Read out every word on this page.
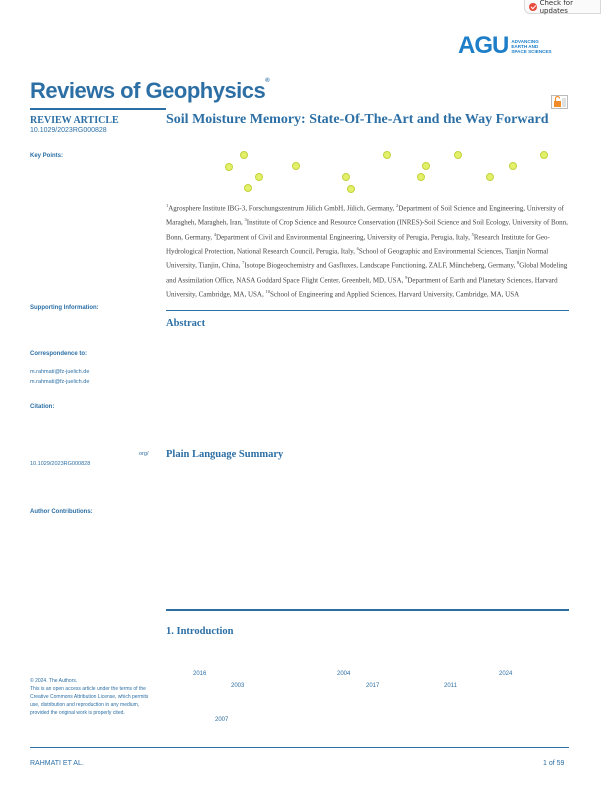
Check for updates
AGU ADVANCING
EARTH AND
SPACE SCIENCES
Reviews of Geophysics®
REVIEW ARTICLE
10.1029/2023RG000828
Key Points:
Supporting Information:
Correspondence to:
m.rahmati@fz-juelich.de
m.rahmati@fz-juelich.de
Citation:
org/
10.1029/2023RG000828
Author Contributions:
© 2024. The Authors.
This is an open access article under the terms of the Creative Commons Attribution License, which permits use, distribution and reproduction in any medium, provided the original work is properly cited.
Soil Moisture Memory: State-Of-The-Art and the Way Forward
$^1$Agrosphere Institute IBG-3, Forschungszentrum Jülich GmbH, Jülich, Germany, $^2$Department of Soil Science and Engineering, University of Maragheh, Maragheh, Iran, $^3$Institute of Crop Science and Resource Conservation (INRES)-Soil Science and Soil Ecology, University of Bonn, Bonn, Germany, $^4$Department of Civil and Environmental Engineering, University of Perugia, Perugia, Italy, $^5$Research Institute for Geo-Hydrological Protection, National Research Council, Perugia, Italy, $^6$School of Geographic and Environmental Sciences, Tianjin Normal University, Tianjin, China, $^7$Isotope Biogeochemistry and Gasfluxes, Landscape Functioning, ZALF, Müncheberg, Germany, $^8$Global Modeling and Assimilation Office, NASA Goddard Space Flight Center, Greenbelt, MD, USA, $^9$Department of Earth and Planetary Sciences, Harvard University, Cambridge, MA, USA, $^{10}$School of Engineering and Applied Sciences, Harvard University, Cambridge, MA, USA
Abstract
Plain Language Summary
1. Introduction
2016	2004	2024
2003	2017	2011
2007
RAHMATI ET AL.	1 of 59
